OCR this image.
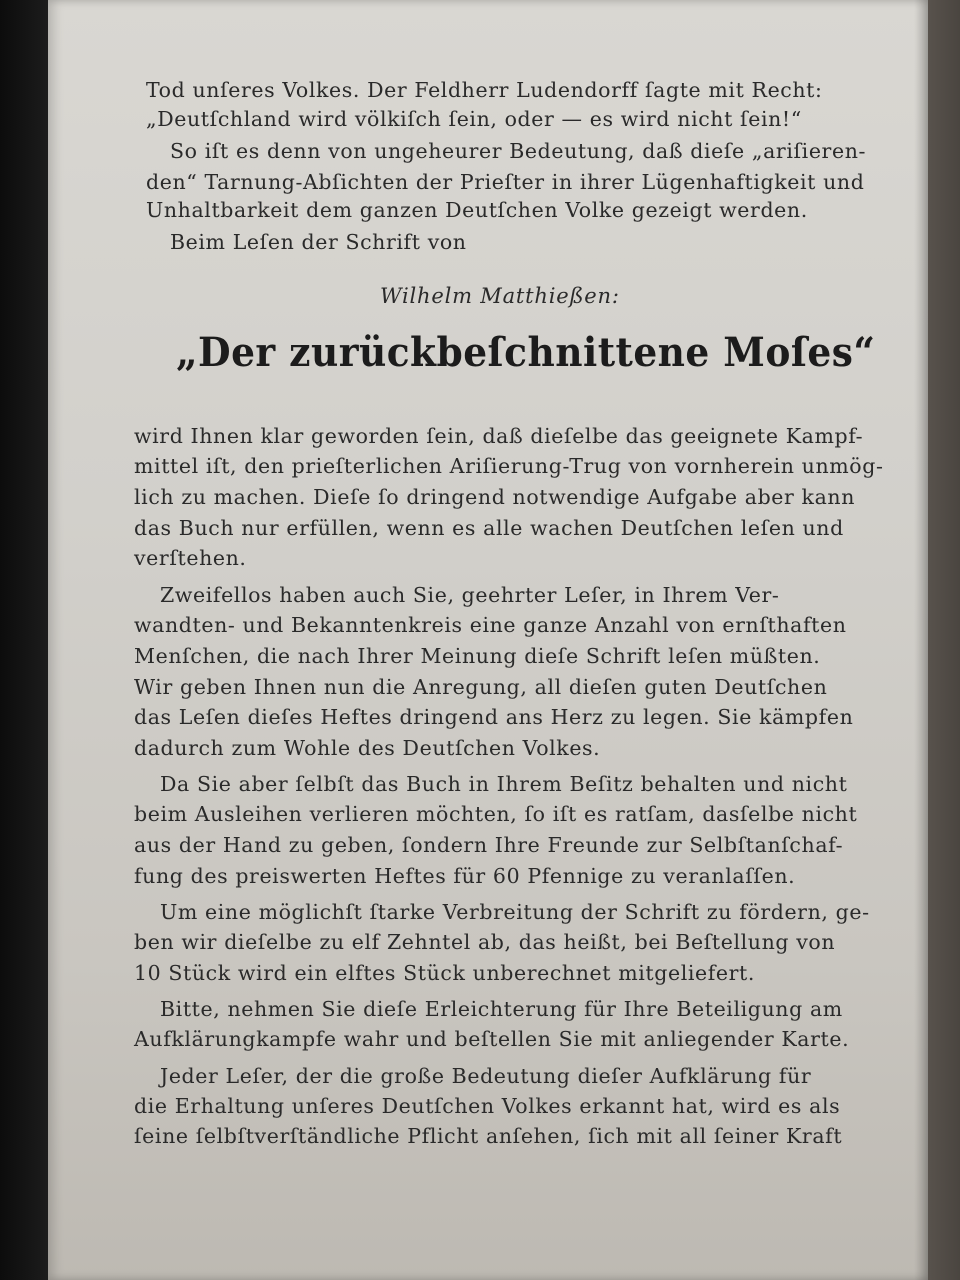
Tod unſeres Volkes. Der Feldherr Ludendorff ſagte mit Recht:
„Deutſchland wird völkiſch ſein, oder — es wird nicht ſein!“
So iſt es denn von ungeheurer Bedeutung, daß dieſe „ariſieren-
den“ Tarnung-Abſichten der Prieſter in ihrer Lügenhaftigkeit und
Unhaltbarkeit dem ganzen Deutſchen Volke gezeigt werden.
Beim Leſen der Schrift von
Wilhelm Matthießen:
„Der zurückbeſchnittene Moſes“
wird Ihnen klar geworden ſein, daß dieſelbe das geeignete Kampf-
mittel iſt, den prieſterlichen Ariſierung-Trug von vornherein unmög-
lich zu machen. Dieſe ſo dringend notwendige Aufgabe aber kann
das Buch nur erfüllen, wenn es alle wachen Deutſchen leſen und
verſtehen.
Zweifellos haben auch Sie, geehrter Leſer, in Ihrem Ver-
wandten- und Bekanntenkreis eine ganze Anzahl von ernſthaften
Menſchen, die nach Ihrer Meinung dieſe Schrift leſen müßten.
Wir geben Ihnen nun die Anregung, all dieſen guten Deutſchen
das Leſen dieſes Heftes dringend ans Herz zu legen. Sie kämpfen
dadurch zum Wohle des Deutſchen Volkes.
Da Sie aber ſelbſt das Buch in Ihrem Beſitz behalten und nicht
beim Ausleihen verlieren möchten, ſo iſt es ratſam, dasſelbe nicht
aus der Hand zu geben, ſondern Ihre Freunde zur Selbſtanſchaf-
fung des preiswerten Heftes für 60 Pfennige zu veranlaſſen.
Um eine möglichſt ſtarke Verbreitung der Schrift zu fördern, ge-
ben wir dieſelbe zu elf Zehntel ab, das heißt, bei Beſtellung von
10 Stück wird ein elftes Stück unberechnet mitgeliefert.
Bitte, nehmen Sie dieſe Erleichterung für Ihre Beteiligung am
Aufklärungkampfe wahr und beſtellen Sie mit anliegender Karte.
Jeder Leſer, der die große Bedeutung dieſer Aufklärung für
die Erhaltung unſeres Deutſchen Volkes erkannt hat, wird es als
ſeine ſelbſtverſtändliche Pflicht anſehen, ſich mit all ſeiner Kraft
